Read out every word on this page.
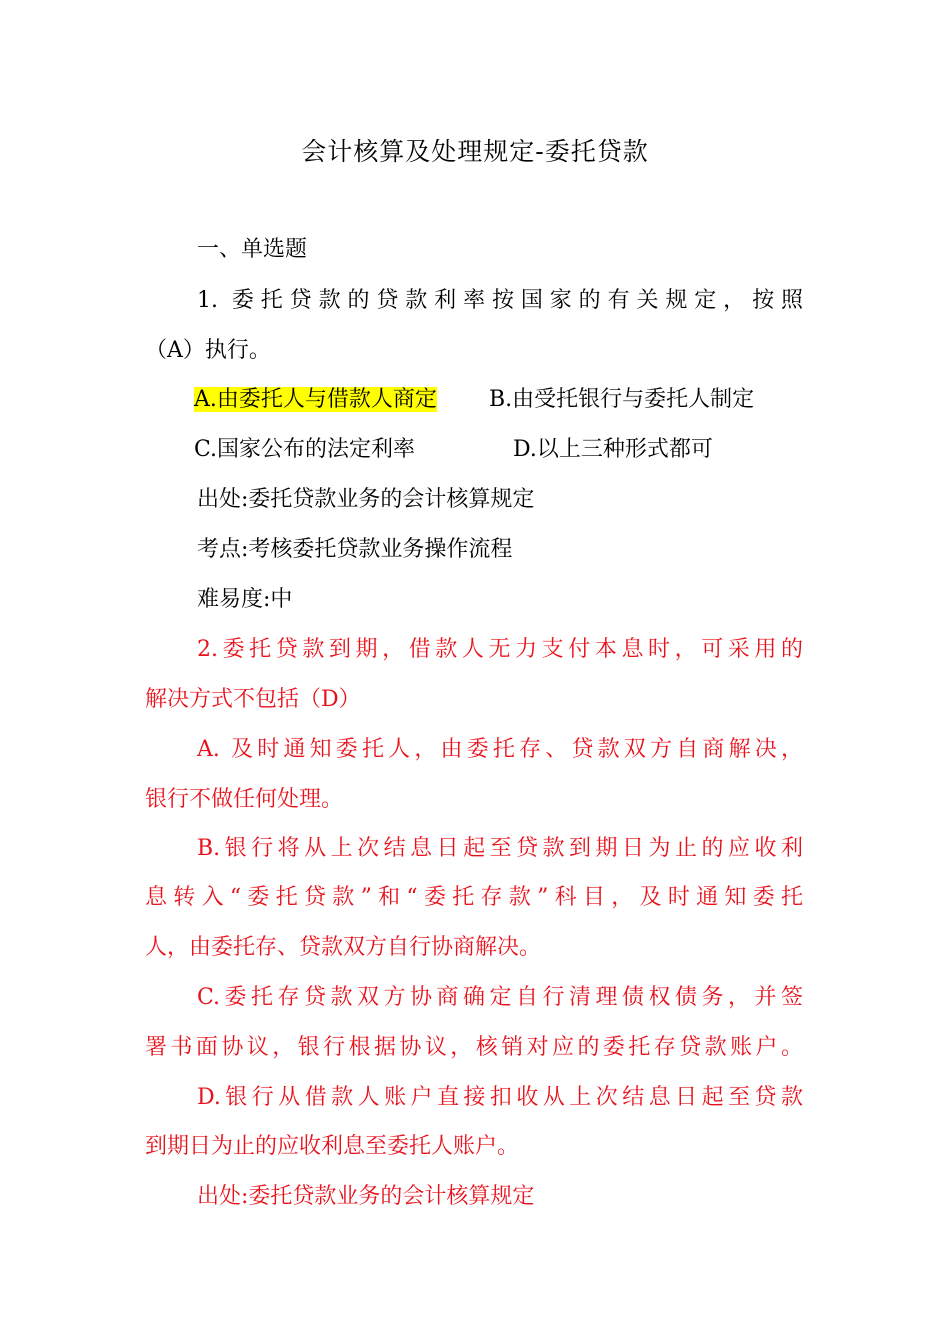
会计核算及处理规定-委托贷款
一、单选题
1. 委托贷款的贷款利率按国家的有关规定，按照
（A）执行。
A.由委托人与借款人商定 B.由受托银行与委托人制定
C.国家公布的法定利率	D.以上三种形式都可
出处:委托贷款业务的会计核算规定
考点:考核委托贷款业务操作流程
难易度:中
2.委托贷款到期，借款人无力支付本息时，可采用的
解决方式不包括（D）
A. 及时通知委托人，由委托存、贷款双方自商解决，
银行不做任何处理。
B.银行将从上次结息日起至贷款到期日为止的应收利
息转入“委托贷款”和“委托存款”科目，及时通知委托
人，由委托存、贷款双方自行协商解决。
C.委托存贷款双方协商确定自行清理债权债务，并签
署书面协议，银行根据协议，核销对应的委托存贷款账户。
D.银行从借款人账户直接扣收从上次结息日起至贷款
到期日为止的应收利息至委托人账户。
出处:委托贷款业务的会计核算规定
